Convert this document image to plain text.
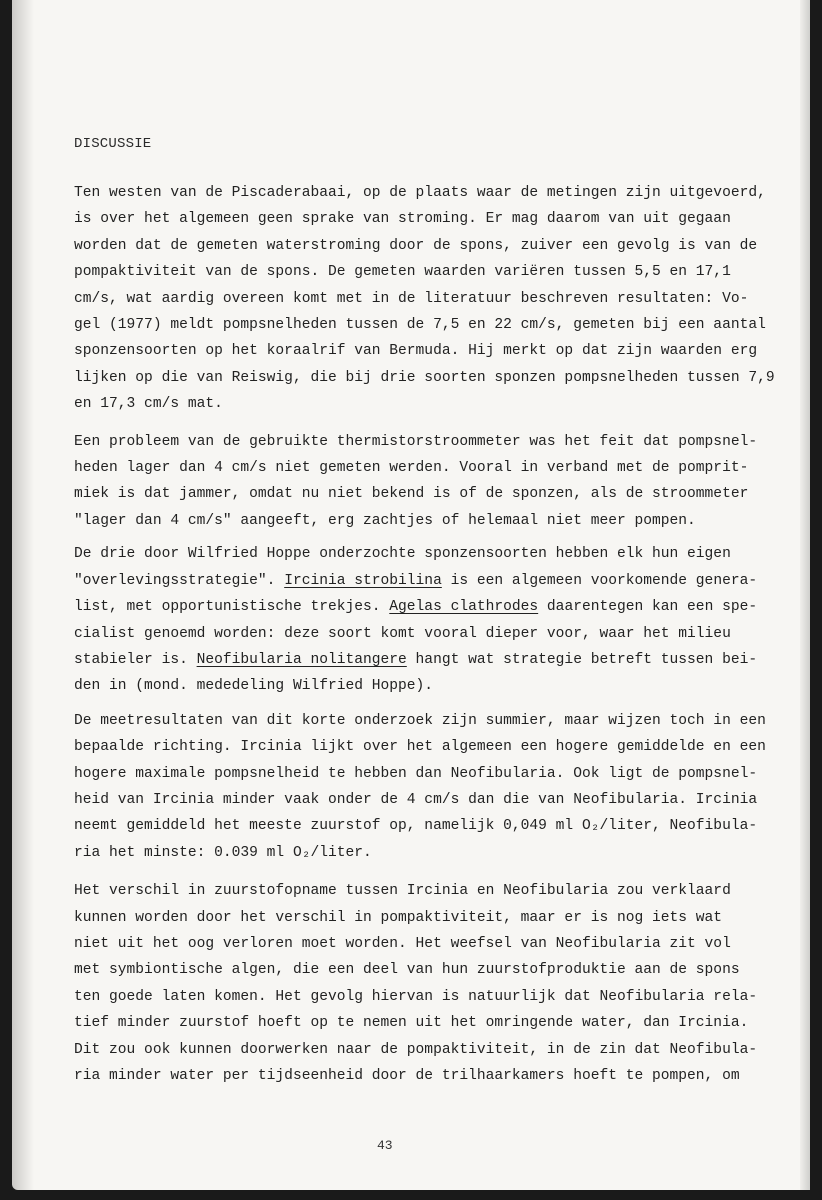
DISCUSSIE
Ten westen van de Piscaderabaai, op de plaats waar de metingen zijn uitgevoerd,
is over het algemeen geen sprake van stroming. Er mag daarom van uit gegaan
worden dat de gemeten waterstroming door de spons, zuiver een gevolg is van de
pompaktiviteit van de spons. De gemeten waarden variëren tussen 5,5 en 17,1
cm/s, wat aardig overeen komt met in de literatuur beschreven resultaten: Vo-
gel (1977) meldt pompsnelheden tussen de 7,5 en 22 cm/s, gemeten bij een aantal
sponzensoorten op het koraalrif van Bermuda. Hij merkt op dat zijn waarden erg
lijken op die van Reiswig, die bij drie soorten sponzen pompsnelheden tussen 7,9
en 17,3 cm/s mat.
Een probleem van de gebruikte thermistorstroommeter was het feit dat pompsnel-
heden lager dan 4 cm/s niet gemeten werden. Vooral in verband met de pomprit-
miek is dat jammer, omdat nu niet bekend is of de sponzen, als de stroommeter
"lager dan 4 cm/s" aangeeft, erg zachtjes of helemaal niet meer pompen.
De drie door Wilfried Hoppe onderzochte sponzensoorten hebben elk hun eigen
"overlevingsstrategie". Ircinia strobilina is een algemeen voorkomende genera-
list, met opportunistische trekjes. Agelas clathrodes daarentegen kan een spe-
cialist genoemd worden: deze soort komt vooral dieper voor, waar het milieu
stabieler is. Neofibularia nolitangere hangt wat strategie betreft tussen bei-
den in (mond. mededeling Wilfried Hoppe).
De meetresultaten van dit korte onderzoek zijn summier, maar wijzen toch in een
bepaalde richting. Ircinia lijkt over het algemeen een hogere gemiddelde en een
hogere maximale pompsnelheid te hebben dan Neofibularia. Ook ligt de pompsnel-
heid van Ircinia minder vaak onder de 4 cm/s dan die van Neofibularia. Ircinia
neemt gemiddeld het meeste zuurstof op, namelijk 0,049 ml O₂/liter, Neofibula-
ria het minste: 0.039 ml O₂/liter.
Het verschil in zuurstofopname tussen Ircinia en Neofibularia zou verklaard
kunnen worden door het verschil in pompaktiviteit, maar er is nog iets wat
niet uit het oog verloren moet worden. Het weefsel van Neofibularia zit vol
met symbiontische algen, die een deel van hun zuurstofproduktie aan de spons
ten goede laten komen. Het gevolg hiervan is natuurlijk dat Neofibularia rela-
tief minder zuurstof hoeft op te nemen uit het omringende water, dan Ircinia.
Dit zou ook kunnen doorwerken naar de pompaktiviteit, in de zin dat Neofibula-
ria minder water per tijdseenheid door de trilhaarkamers hoeft te pompen, om
43
